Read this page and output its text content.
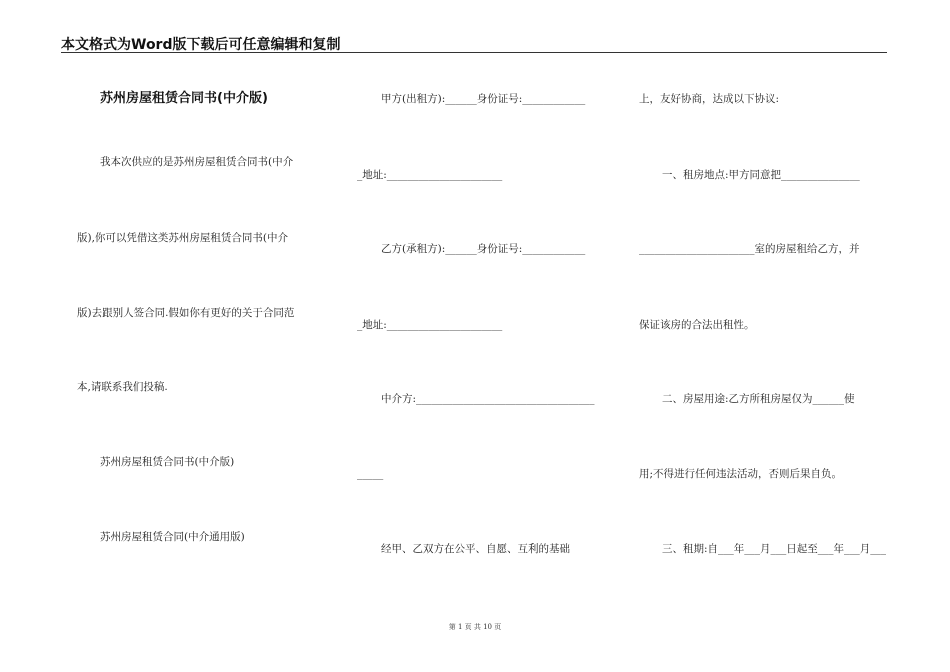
本文格式为Word版下载后可任意编辑和复制
苏州房屋租赁合同书(中介版)
我本次供应的是苏州房屋租赁合同书(中介
版),你可以凭借这类苏州房屋租赁合同书(中介
版)去跟别人签合同.假如你有更好的关于合同范
本,请联系我们投稿.
苏州房屋租赁合同书(中介版)
苏州房屋租赁合同(中介通用版)
甲方(出租方):______身份证号:____________
_地址:______________________
乙方(承租方):______身份证号:____________
_地址:______________________
中介方:__________________________________
_____
经甲、乙双方在公平、自愿、互利的基础
上，友好协商，达成以下协议:
一、租房地点:甲方同意把_______________
______________________室的房屋租给乙方，并
保证该房的合法出租性。
二、房屋用途:乙方所租房屋仅为______使
用;不得进行任何违法活动，否则后果自负。
三、租期:自___年___月___日起至___年___月___
第 1 页 共 10 页
